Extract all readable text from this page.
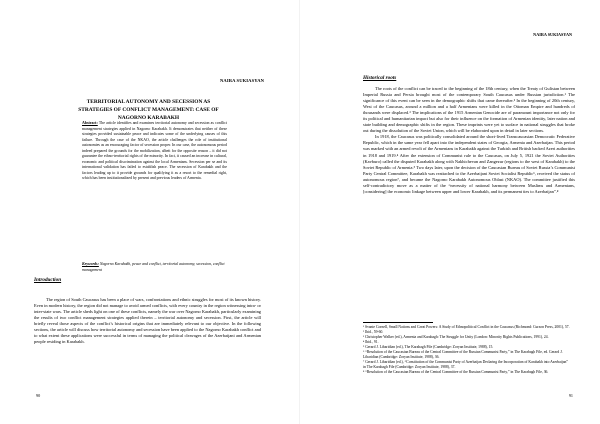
NAIRA SUKIASYAN
TERRITORIAL AUTONOMY AND SECESSION AS
STRATEGIES OF CONFLICT MANAGEMENT: CASE OF
NAGORNO KARABAKH
Abstract: The article identifies and examines territorial autonomy and secession as conflict management strategies applied in Nagorno Karabakh. It demonstrates that neither of these strategies provided sustainable peace and indicates some of the underlying causes of this failure. Through the case of the NKAO, the article challenges the role of institutional autonomies as an encouraging factor of secession proper. In our case, the autonomous period indeed prepared the grounds for the mobilization, albeit for the opposite reason – it did not guarantee the ethno-territorial rights of the minority. In fact, it caused an increase in cultural, economic and political discrimination against the local Armenians. Secession per se and its international validation has failed to establish peace. The secession of Karabakh and the factors leading up to it provide grounds for qualifying it as a resort to the remedial right, which has been institutionalized by present and previous leaders of Armenia.
Keywords: Nagorno Karabakh, peace and conflict, territorial autonomy, secession, conflict management
Introduction
The region of South Caucasus has been a place of wars, confrontations and ethnic struggles for most of its known history. Even in modern history, the region did not manage to avoid armed conflicts, with every country in the region witnessing intra- or inter-state wars. The article sheds light on one of these conflicts, namely the war over Nagorno Karabakh, particularly examining the results of two conflict management strategies applied therein – territorial autonomy and secession. First, the article will briefly reveal those aspects of the conflict’s historical origins that are immediately relevant to our objective. In the following sections, the article will discuss how territorial autonomy and secession have been applied to the Nagorno Karabakh conflict and to what extent these applications were successful in terms of managing the political cleavages of the Azerbaijani and Armenian people residing in Karabakh.
90
NAIRA SUKIASYAN
Historical roots

The roots of the conflict can be traced to the beginning of the 18th century, when the Treaty of Gulistan between Imperial Russia and Persia brought most of the contemporary South Caucasus under Russian jurisdiction.¹ The significance of this event can be seen in the demographic shifts that came thereafter.² In the beginning of 20th century, West of the Caucasus, around a million and a half Armenians were killed in the Ottoman Empire and hundreds of thousands were displaced.³ The implications of the 1915 Armenian Genocide are of paramount importance not only for its political and humanitarian impact but also for their influence on the formation of Armenian identity, later nation and state building and demographic shifts in the region. These imprints were yet to surface in national struggles that broke out during the dissolution of the Soviet Union, which will be elaborated upon in detail in later sections.

In 1918, the Caucasus was politically consolidated around the short-lived Transcaucasian Democratic Federative Republic, which in the same year fell apart into the independent states of Georgia, Armenia and Azerbaijan. This period was marked with an armed revolt of the Armenians in Karabakh against the Turkish and British backed Azeri authorities in 1918 and 1919.⁴ After the extension of Communist rule to the Caucasus, on July 5, 1921 the Soviet Authorities (Kavburo) called the disputed Karabakh along with Nakhichevan and Zangezur (regions to the west of Karabakh) to the Soviet Republic of Armenia.⁵ Two days later, upon the decision of the Caucasian Bureau of Soviet Russia’s Communist Party Central Committee, Karabakh was reattached to the Azerbaijani Soviet Socialist Republic⁶, received the status of autonomous region⁷, and became the Nagorno Karabakh Autonomous Oblast (NKAO). The committee justified this self-contradictory move as a matter of the “necessity of national harmony between Muslims and Armenians, [considering] the economic linkage between upper and lower Karabakh, and its permanent ties to Azerbaijan”.⁸

¹ Svante Cornell, Small Nations and Great Powers: A Study of Ethnopolitical Conflict in the Caucasus (Richmond: Curzon Press, 2001), 57.
² Ibid., 59-60.
³ Christopher Walker (ed.), Armenia and Karabagh: The Struggle for Unity (London: Minority Rights Publications, 1991), 24.
⁴ Ibid., 91.
⁵ Gerard J. Libaridian (ed.), The Karabagh File (Cambridge: Zoryan Institute, 1988), 15.
⁶ “Resolution of the Caucasian Bureau of the Central Committee of the Russian Communist Party,” in The Karabagh File, ed. Gerard J. Libaridian (Cambridge: Zoryan Institute, 1988), 36.
⁷ Gerard J. Libaridian (ed.), “Constitution of the Communist Party of Azerbaijan Declaring the Incorporation of Karabakh into Azerbaijan” in The Karabagh File (Cambridge: Zoryan Institute, 1988), 37.
⁸ “Resolution of the Caucasian Bureau of the Central Committee of the Russian Communist Party,” in The Karabagh File, 36.
91
